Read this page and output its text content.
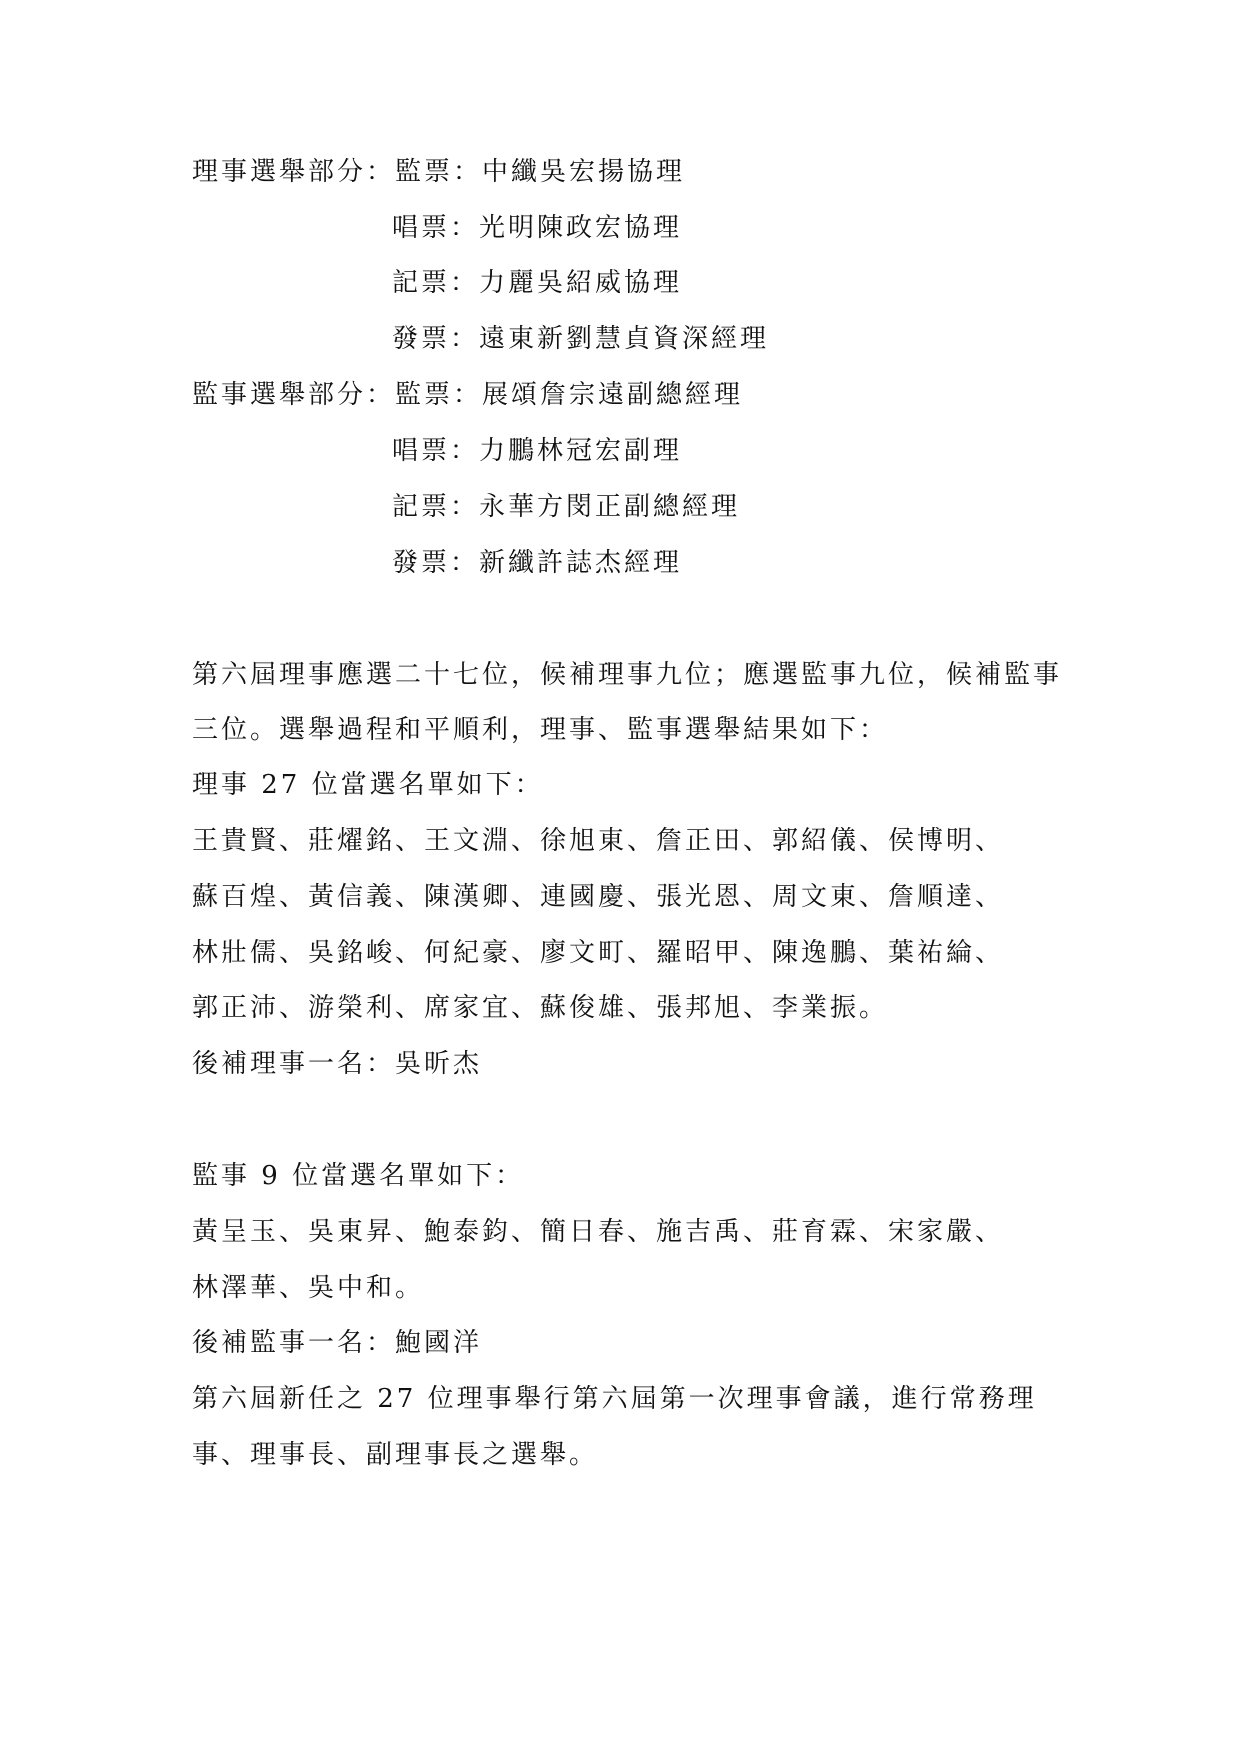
理事選舉部分：監票：中纖吳宏揚協理

唱票：光明陳政宏協理

記票：力麗吳紹威協理

發票：遠東新劉慧貞資深經理

監事選舉部分：監票：展頌詹宗遠副總經理

唱票：力鵬林冠宏副理

記票：永華方閔正副總經理

發票：新纖許誌杰經理

第六屆理事應選二十七位，候補理事九位；應選監事九位，候補監事

三位。選舉過程和平順利，理事、監事選舉結果如下：

理事 27 位當選名單如下：

王貴賢、莊燿銘、王文淵、徐旭東、詹正田、郭紹儀、侯博明、

蘇百煌、黃信義、陳漢卿、連國慶、張光恩、周文東、詹順達、

林壯儒、吳銘峻、何紀豪、廖文町、羅昭甲、陳逸鵬、葉祐綸、

郭正沛、游榮利、席家宜、蘇俊雄、張邦旭、李業振。

後補理事一名：吳昕杰

監事 9 位當選名單如下：

黃呈玉、吳東昇、鮑泰鈞、簡日春、施吉禹、莊育霖、宋家嚴、

林澤華、吳中和。

後補監事一名：鮑國洋

第六屆新任之 27 位理事舉行第六屆第一次理事會議，進行常務理

事、理事長、副理事長之選舉。
